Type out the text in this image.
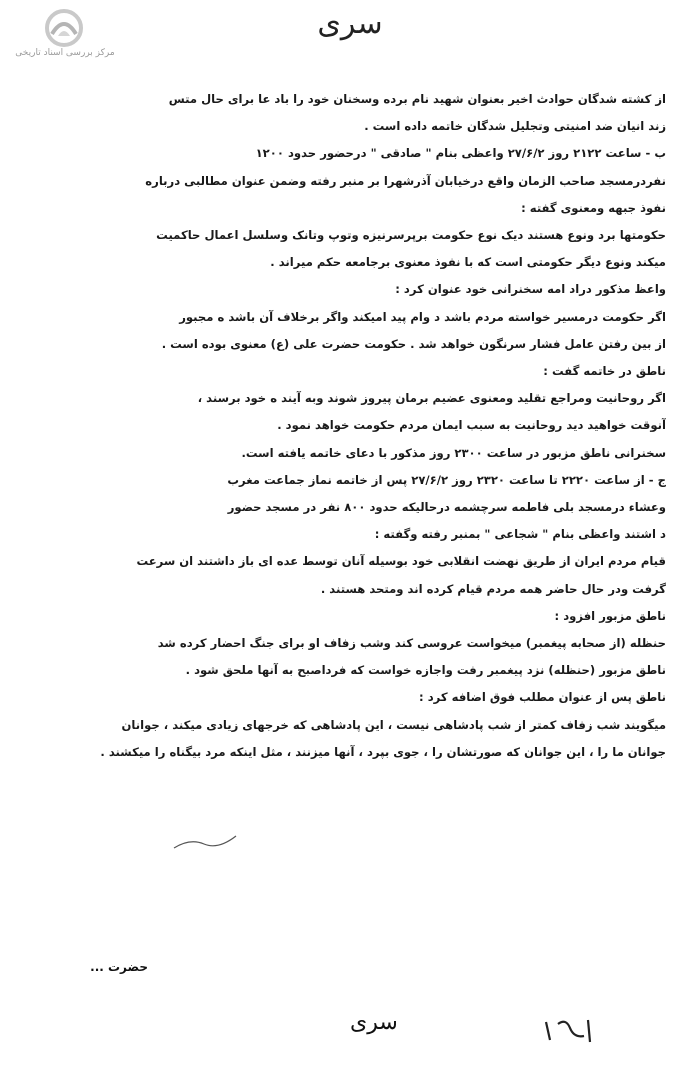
مرکز بررسی اسناد تاریخی
سری
از کشته شدگان حوادث اخیر بعنوان شهید نام برده وسخنان خود را باد عا برای حال متس
زند انیان ضد امنیتی وتجلیل شدگان خاتمه داده است .
ب - ساعت ۲۱۲۲ روز ۲۷/۶/۲ واعظی بنام " صادقی " درحضور حدود ۱۲۰۰
نفردرمسجد صاحب الزمان واقع درخیابان آذرشهرا بر منبر رفته وضمن عنوان مطالبی درباره
نفوذ جبهه ومعنوی گفته :
حکومتها برد ونوع هستند دیک نوع حکومت برپرسرنیزه وتوپ وتانک وسلسل اعمال حاکمیت
میکند ونوع دیگر حکومتی است که با نفوذ معنوی برجامعه حکم میراند .
واعظ مذکور دراد امه سخنرانی خود عنوان کرد :
اگر حکومت درمسیر خواسته مردم باشد د وام پید امیکند واگر برخلاف آن باشد ه مجبور
از بین رفتن عامل فشار سرنگون خواهد شد . حکومت حضرت علی (ع) معنوی بوده است .
ناطق در خاتمه گفت :
اگر روحانیت ومراجع تقلید ومعنوی عضیم برمان پیروز شوند وبه آیند ه خود برسند ،
آنوقت خواهید دید روحانیت به سبب ایمان مردم حکومت خواهد نمود .
سخنرانی ناطق مزبور در ساعت ۲۳۰۰ روز مذکور با دعای خاتمه یافته است.
ج - از ساعت ۲۲۲۰ تا ساعت ۲۳۲۰ روز ۲۷/۶/۲ پس از خاتمه نماز جماعت مغرب
وعشاء درمسجد بلی فاطمه سرچشمه درحالیکه حدود ۸۰۰ نفر در مسجد حضور
د اشتند واعظی بنام " شجاعی " بمنبر رفته وگفته :
قیام مردم ایران از طریق نهضت انقلابی خود بوسیله آنان توسط عده ای باز داشتند ان سرعت
گرفت ودر حال حاضر همه مردم قیام کرده اند ومتحد هستند .
ناطق مزبور افزود :
حنظله (از صحابه پیغمبر) میخواست عروسی کند وشب زفاف او برای جنگ احضار کرده شد
ناطق مزبور (حنظله) نزد پیغمبر رفت واجازه خواست که فرداصبح به آنها ملحق شود .
ناطق پس از عنوان مطلب فوق اضافه کرد :
میگویند شب زفاف کمتر از شب پادشاهی نیست ، این پادشاهی که خرجهای زیادی میکند ، جوانان
جوانان ما را ، این جوانان که صورتشان را ، جوی بپرد ، آنها میزنند ، مثل اینکه مرد بیگناه را میکشند .
حضرت ...
سری
